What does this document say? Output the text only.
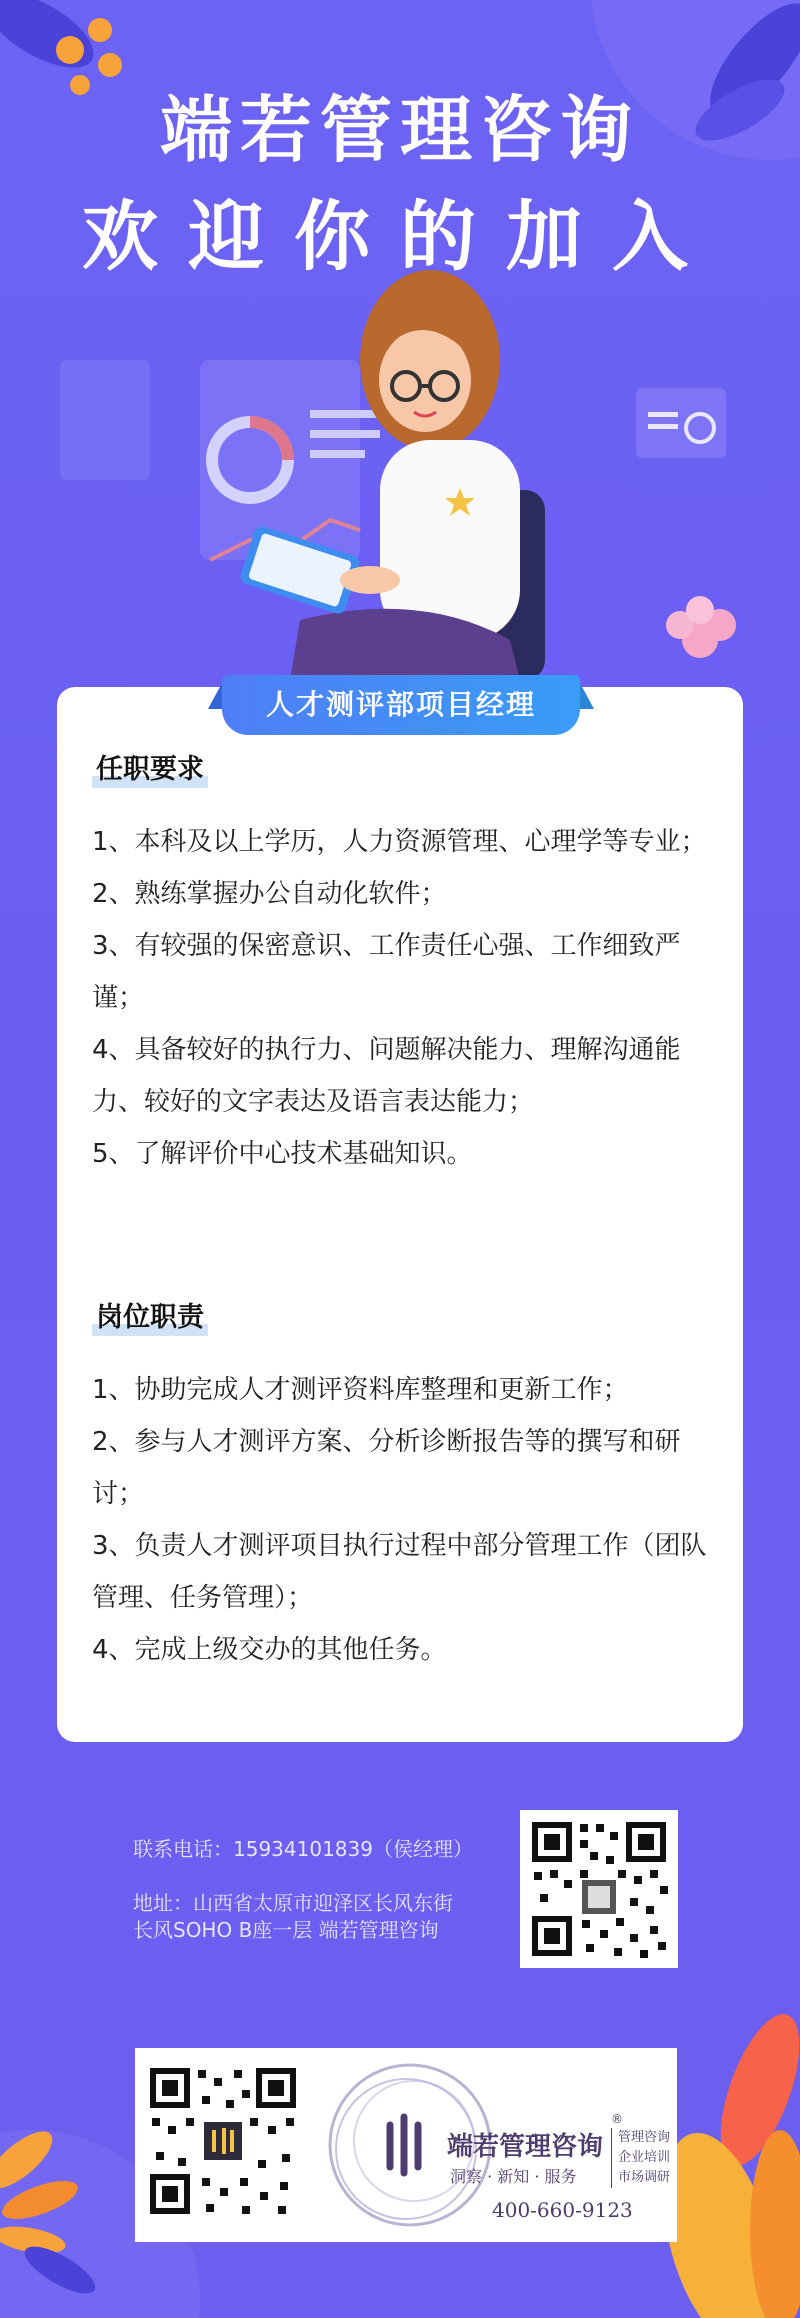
端若管理咨询
欢迎你的加入
人才测评部项目经理
任职要求
1、本科及以上学历，人力资源管理、心理学等专业；
2、熟练掌握办公自动化软件；
3、有较强的保密意识、工作责任心强、工作细致严谨；
4、具备较好的执行力、问题解决能力、理解沟通能力、较好的文字表达及语言表达能力；
5、了解评价中心技术基础知识。
岗位职责
1、协助完成人才测评资料库整理和更新工作；
2、参与人才测评方案、分析诊断报告等的撰写和研讨；
3、负责人才测评项目执行过程中部分管理工作（团队管理、任务管理）；
4、完成上级交办的其他任务。
联系电话：15934101839（侯经理）
地址：山西省太原市迎泽区长风东街
长风SOHO B座一层 端若管理咨询
端若管理咨询
®
洞察 · 新知 · 服务
管理咨询
企业培训
市场调研
400-660-9123
